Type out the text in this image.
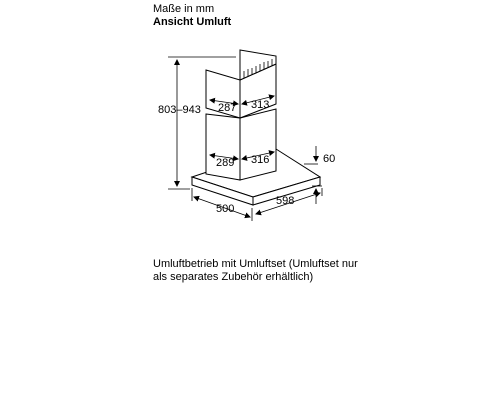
Maße in mm
Ansicht Umluft
803–943 287 313
289 316	60
500
598
Umluftbetrieb mit Umluftset (Umluftset nur als separates Zubehör erhältlich)
